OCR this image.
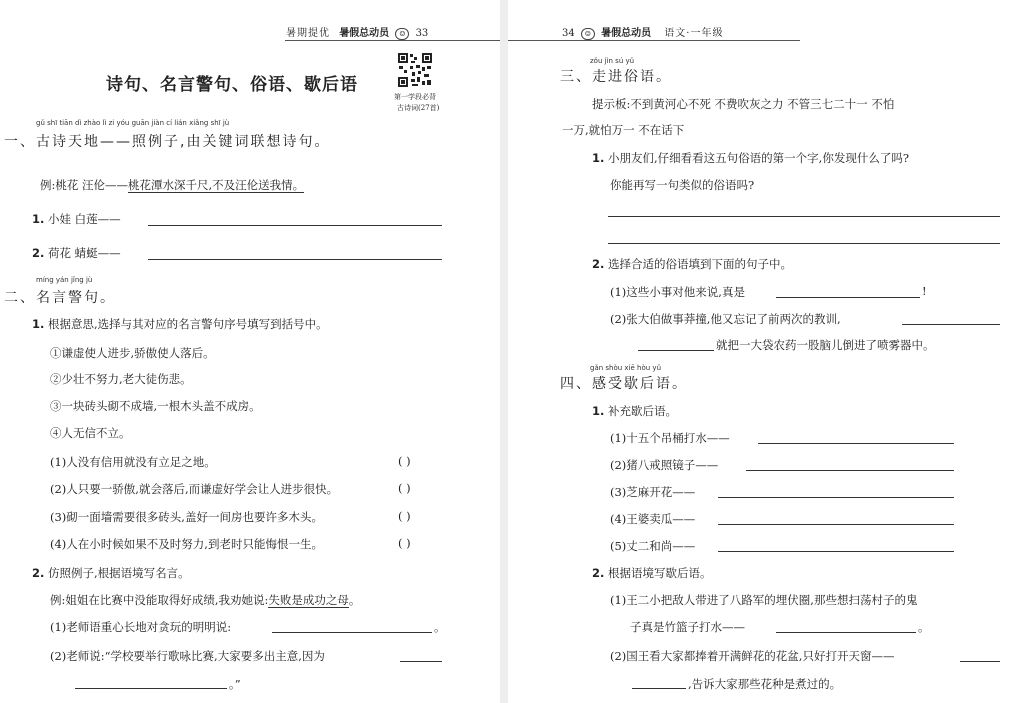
暑期提优 暑假总动员 ☺ 33
诗句、名言警句、俗语、歇后语
第一学段必背
古诗词(27首)
gǔ shī tiān dì zhào lì zi yóu guān jiàn cí lián xiǎng shī jù
一、古诗天地——照例子,由关键词联想诗句。
例:桃花 汪伦——桃花潭水深千尺,不及汪伦送我情。
1. 小娃 白莲——
2. 荷花 蜻蜓——
míng yán jǐng jù
二、名言警句。
1. 根据意思,选择与其对应的名言警句序号填写到括号中。
①谦虚使人进步,骄傲使人落后。
②少壮不努力,老大徒伤悲。
③一块砖头砌不成墙,一根木头盖不成房。
④人无信不立。
(1)人没有信用就没有立足之地。	( )
(2)人只要一骄傲,就会落后,而谦虚好学会让人进步很快。	( )
(3)砌一面墙需要很多砖头,盖好一间房也要许多木头。	( )
(4)人在小时候如果不及时努力,到老时只能悔恨一生。	( )
2. 仿照例子,根据语境写名言。
例:姐姐在比赛中没能取得好成绩,我劝她说:失败是成功之母。
(1)老师语重心长地对贪玩的明明说:	。
(2)老师说:“学校要举行歌咏比赛,大家要多出主意,因为
。”
34 ☺ 暑假总动员 语文·一年级
zǒu jìn sú yǔ
三、走进俗语。
提示板:不到黄河心不死 不费吹灰之力 不管三七二十一 不怕
一万,就怕万一 不在话下
1. 小朋友们,仔细看看这五句俗语的第一个字,你发现什么了吗?
你能再写一句类似的俗语吗?
2. 选择合适的俗语填到下面的句子中。
(1)这些小事对他来说,真是	!
(2)张大伯做事莽撞,他又忘记了前两次的教训,
就把一大袋农药一股脑儿倒进了喷雾器中。
gǎn shòu xiē hòu yǔ
四、感受歇后语。
1. 补充歇后语。
(1)十五个吊桶打水——
(2)猪八戒照镜子——
(3)芝麻开花——
(4)王婆卖瓜——
(5)丈二和尚——
2. 根据语境写歇后语。
(1)王二小把敌人带进了八路军的埋伏圈,那些想扫荡村子的鬼
子真是竹篮子打水——	。
(2)国王看大家都捧着开满鲜花的花盆,只好打开天窗——
,告诉大家那些花种是煮过的。
